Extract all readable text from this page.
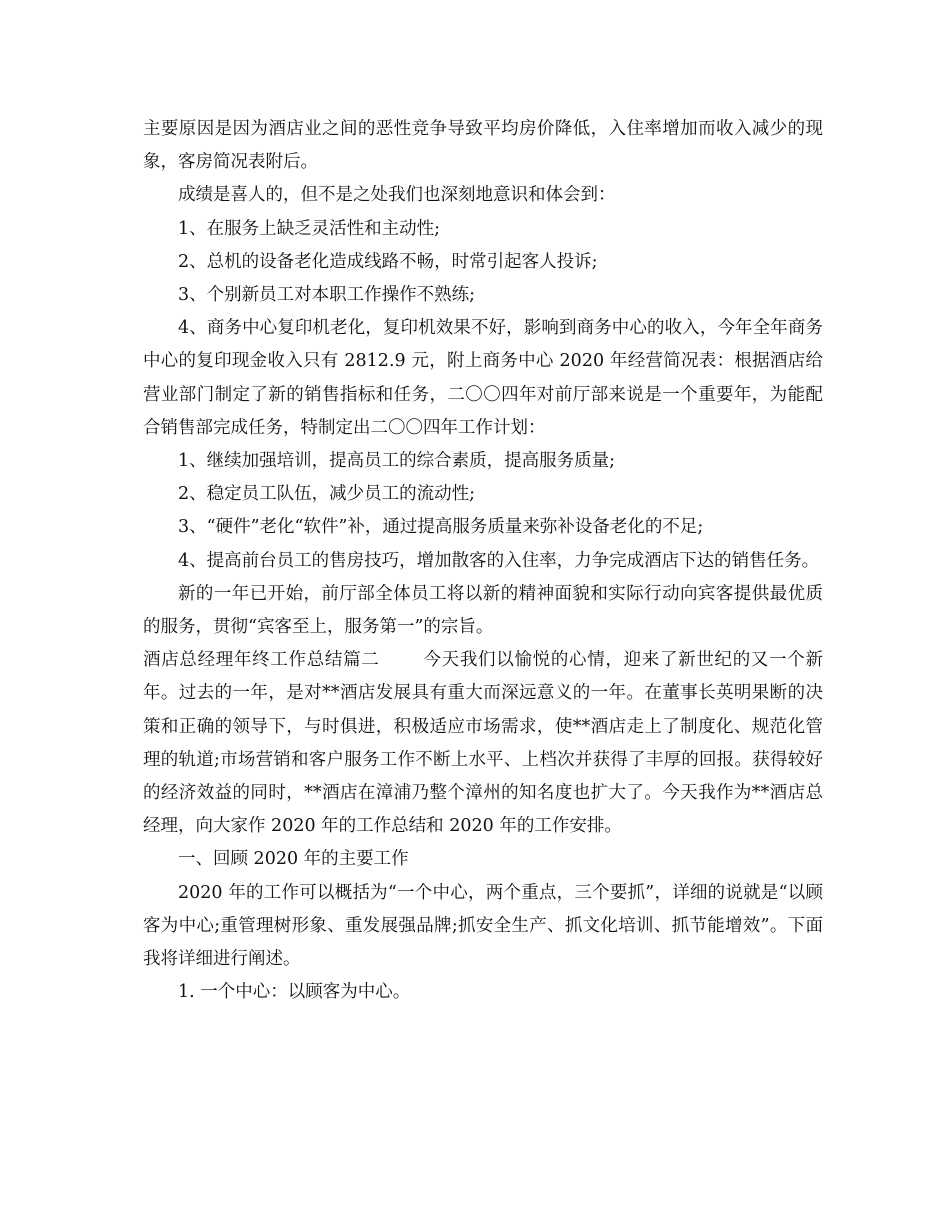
主要原因是因为酒店业之间的恶性竞争导致平均房价降低，入住率增加而收入减少的现象，客房简况表附后。

成绩是喜人的，但不是之处我们也深刻地意识和体会到：

1、在服务上缺乏灵活性和主动性;

2、总机的设备老化造成线路不畅，时常引起客人投诉;

3、个别新员工对本职工作操作不熟练;

4、商务中心复印机老化，复印机效果不好，影响到商务中心的收入，今年全年商务中心的复印现金收入只有 2812.9 元，附上商务中心 2020 年经营简况表：根据酒店给营业部门制定了新的销售指标和任务，二〇〇四年对前厅部来说是一个重要年，为能配合销售部完成任务，特制定出二〇〇四年工作计划：

1、继续加强培训，提高员工的综合素质，提高服务质量;

2、稳定员工队伍，减少员工的流动性;

3、“硬件”老化“软件”补，通过提高服务质量来弥补设备老化的不足;

4、提高前台员工的售房技巧，增加散客的入住率，力争完成酒店下达的销售任务。

新的一年已开始，前厅部全体员工将以新的精神面貌和实际行动向宾客提供最优质的服务，贯彻“宾客至上，服务第一”的宗旨。

酒店总经理年终工作总结篇二	今天我们以愉悦的心情，迎来了新世纪的又一个新年。过去的一年，是对**酒店发展具有重大而深远意义的一年。在董事长英明果断的决策和正确的领导下，与时俱进，积极适应市场需求，使**酒店走上了制度化、规范化管理的轨道;市场营销和客户服务工作不断上水平、上档次并获得了丰厚的回报。获得较好的经济效益的同时，**酒店在漳浦乃整个漳州的知名度也扩大了。今天我作为**酒店总经理，向大家作 2020 年的工作总结和 2020 年的工作安排。

一、回顾 2020 年的主要工作

2020 年的工作可以概括为“一个中心，两个重点，三个要抓”，详细的说就是“以顾客为中心;重管理树形象、重发展强品牌;抓安全生产、抓文化培训、抓节能增效”。下面我将详细进行阐述。

1. 一个中心：以顾客为中心。
